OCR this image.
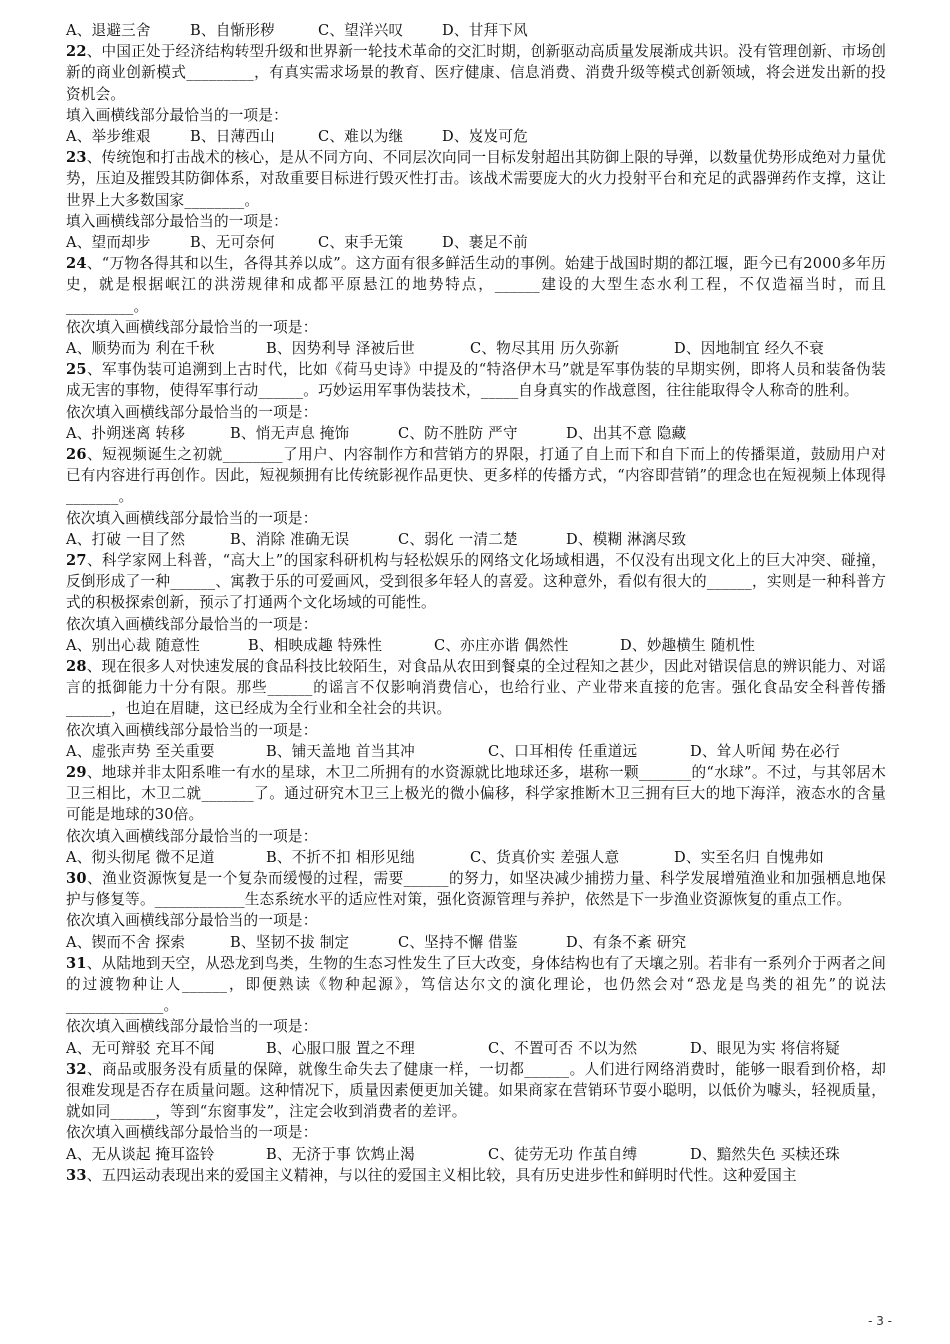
A、退避三舍	B、自惭形秽	C、望洋兴叹	D、甘拜下风
22、中国正处于经济结构转型升级和世界新一轮技术革命的交汇时期，创新驱动高质量发展渐成共识。没有管理创新、市场创新的商业创新模式_________，有真实需求场景的教育、医疗健康、信息消费、消费升级等模式创新领域，将会迸发出新的投资机会。
填入画横线部分最恰当的一项是：
A、举步维艰	B、日薄西山	C、难以为继	D、岌岌可危
23、传统饱和打击战术的核心，是从不同方向、不同层次向同一目标发射超出其防御上限的导弹，以数量优势形成绝对力量优势，压迫及摧毁其防御体系，对敌重要目标进行毁灭性打击。该战术需要庞大的火力投射平台和充足的武器弹药作支撑，这让世界上大多数国家________。
填入画横线部分最恰当的一项是：
A、望而却步	B、无可奈何	C、束手无策	D、裹足不前
24、“万物各得其和以生，各得其养以成”。这方面有很多鲜活生动的事例。始建于战国时期的都江堰，距今已有2000多年历史，就是根据岷江的洪涝规律和成都平原悬江的地势特点，______建设的大型生态水利工程，不仅造福当时，而且_________。
依次填入画横线部分最恰当的一项是：
A、顺势而为 利在千秋	B、因势利导 泽被后世	C、物尽其用 历久弥新	D、因地制宜 经久不衰
25、军事伪装可追溯到上古时代，比如《荷马史诗》中提及的“特洛伊木马”就是军事伪装的早期实例，即将人员和装备伪装成无害的事物，使得军事行动______。巧妙运用军事伪装技术，_____自身真实的作战意图，往往能取得令人称奇的胜利。
依次填入画横线部分最恰当的一项是：
A、扑朔迷离 转移	B、悄无声息 掩饰	C、防不胜防 严守	D、出其不意 隐藏
26、短视频诞生之初就________了用户、内容制作方和营销方的界限，打通了自上而下和自下而上的传播渠道，鼓励用户对已有内容进行再创作。因此，短视频拥有比传统影视作品更快、更多样的传播方式，“内容即营销”的理念也在短视频上体现得_______。
依次填入画横线部分最恰当的一项是：
A、打破 一目了然	B、消除 准确无误	C、弱化 一清二楚	D、模糊 淋漓尽致
27、科学家网上科普，“高大上”的国家科研机构与轻松娱乐的网络文化场域相遇，不仅没有出现文化上的巨大冲突、碰撞，反倒形成了一种______、寓教于乐的可爱画风，受到很多年轻人的喜爱。这种意外，看似有很大的______，实则是一种科普方式的积极探索创新，预示了打通两个文化场域的可能性。
依次填入画横线部分最恰当的一项是：
A、别出心裁 随意性	B、相映成趣 特殊性	C、亦庄亦谐 偶然性	D、妙趣横生 随机性
28、现在很多人对快速发展的食品科技比较陌生，对食品从农田到餐桌的全过程知之甚少，因此对错误信息的辨识能力、对谣言的抵御能力十分有限。那些______的谣言不仅影响消费信心，也给行业、产业带来直接的危害。强化食品安全科普传播______，也迫在眉睫，这已经成为全行业和全社会的共识。
依次填入画横线部分最恰当的一项是：
A、虚张声势 至关重要	B、铺天盖地 首当其冲	C、口耳相传 任重道远	D、耸人听闻 势在必行
29、地球并非太阳系唯一有水的星球，木卫二所拥有的水资源就比地球还多，堪称一颗_______的“水球”。不过，与其邻居木卫三相比，木卫二就_______了。通过研究木卫三上极光的微小偏移，科学家推断木卫三拥有巨大的地下海洋，液态水的含量可能是地球的30倍。
依次填入画横线部分最恰当的一项是：
A、彻头彻尾 微不足道	B、不折不扣 相形见绌	C、货真价实 差强人意	D、实至名归 自愧弗如
30、渔业资源恢复是一个复杂而缓慢的过程，需要______的努力，如坚决减少捕捞力量、科学发展增殖渔业和加强栖息地保护与修复等。____________生态系统水平的适应性对策，强化资源管理与养护，依然是下一步渔业资源恢复的重点工作。
依次填入画横线部分最恰当的一项是：
A、锲而不舍 探索	B、坚韧不拔 制定	C、坚持不懈 借鉴	D、有条不紊 研究
31、从陆地到天空，从恐龙到鸟类，生物的生态习性发生了巨大改变，身体结构也有了天壤之别。若非有一系列介于两者之间的过渡物种让人______，即便熟读《物种起源》，笃信达尔文的演化理论，也仍然会对“恐龙是鸟类的祖先”的说法_____________。
依次填入画横线部分最恰当的一项是：
A、无可辩驳 充耳不闻	B、心服口服 置之不理	C、不置可否 不以为然	D、眼见为实 将信将疑
32、商品或服务没有质量的保障，就像生命失去了健康一样，一切都______。人们进行网络消费时，能够一眼看到价格，却很难发现是否存在质量问题。这种情况下，质量因素便更加关键。如果商家在营销环节耍小聪明，以低价为噱头，轻视质量，就如同______，等到“东窗事发”，注定会收到消费者的差评。
依次填入画横线部分最恰当的一项是：
A、无从谈起 掩耳盗铃	B、无济于事 饮鸩止渴	C、徒劳无功 作茧自缚	D、黯然失色 买椟还珠
33、五四运动表现出来的爱国主义精神，与以往的爱国主义相比较，具有历史进步性和鲜明时代性。这种爱国主
- 3 -
